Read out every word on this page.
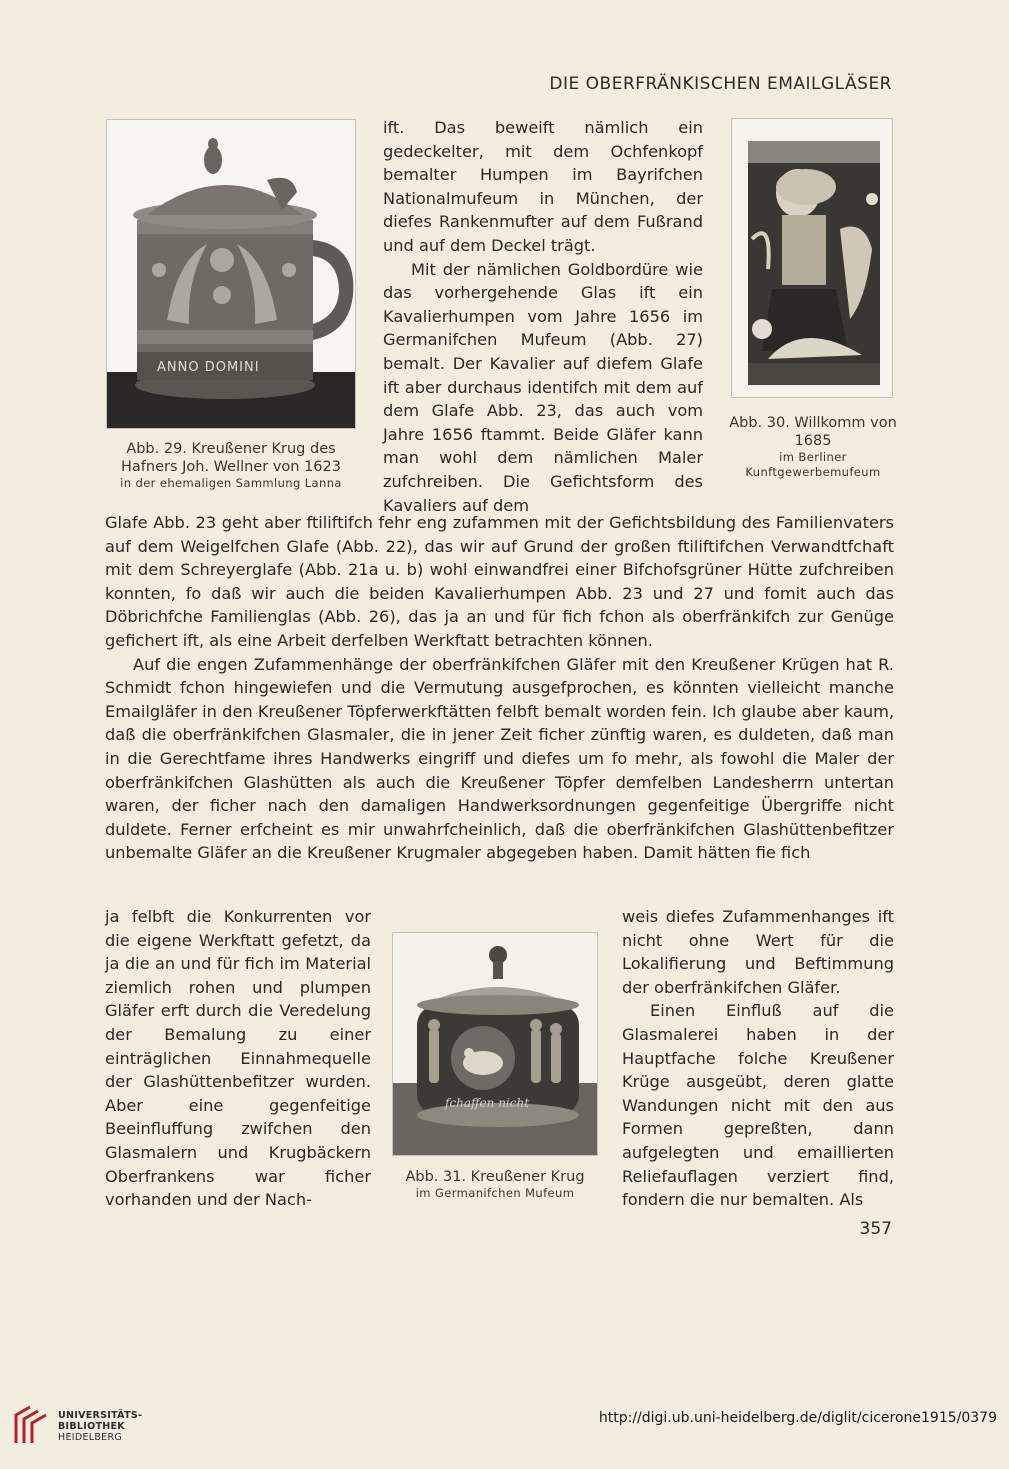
DIE OBERFRÄNKISCHEN EMAILGLÄSER
ANNO DOMINI
Abb. 29. Kreußener Krug des Hafners Joh. Wellner von 1623
in der ehemaligen Sammlung Lanna

ift. Das beweift nämlich ein gedeckelter, mit dem Ochfenkopf bemalter Humpen im Bayrifchen Nationalmufeum in München, der diefes Rankenmufter auf dem Fußrand und auf dem Deckel trägt.

Mit der nämlichen Goldbordüre wie das vorhergehende Glas ift ein Kavalierhumpen vom Jahre 1656 im Germanifchen Mufeum (Abb. 27) bemalt. Der Kavalier auf diefem Glafe ift aber durchaus identifch mit dem auf dem Glafe Abb. 23, das auch vom Jahre 1656 ftammt. Beide Gläfer kann man wohl dem nämlichen Maler zufchreiben. Die Gefichtsform des Kavaliers auf dem

Abb. 30. Willkomm von 1685
im Berliner Kunftgewerbemufeum

Glafe Abb. 23 geht aber ftiliftifch fehr eng zufammen mit der Gefichtsbildung des Familienvaters auf dem Weigelfchen Glafe (Abb. 22), das wir auf Grund der großen ftiliftifchen Verwandtfchaft mit dem Schreyerglafe (Abb. 21a u. b) wohl einwandfrei einer Bifchofsgrüner Hütte zufchreiben konnten, fo daß wir auch die beiden Kavalierhumpen Abb. 23 und 27 und fomit auch das Döbrichfche Familienglas (Abb. 26), das ja an und für fich fchon als oberfränkifch zur Genüge gefichert ift, als eine Arbeit derfelben Werkftatt betrachten können.

Auf die engen Zufammenhänge der oberfränkifchen Gläfer mit den Kreußener Krügen hat R. Schmidt fchon hingewiefen und die Vermutung ausgefprochen, es könnten vielleicht manche Emailgläfer in den Kreußener Töpferwerkftätten felbft bemalt worden fein. Ich glaube aber kaum, daß die oberfränkifchen Glasmaler, die in jener Zeit ficher zünftig waren, es duldeten, daß man in die Gerechtfame ihres Handwerks eingriff und diefes um fo mehr, als fowohl die Maler der oberfränkifchen Glashütten als auch die Kreußener Töpfer demfelben Landesherrn untertan waren, der ficher nach den damaligen Handwerksordnungen gegenfeitige Übergriffe nicht duldete. Ferner erfcheint es mir unwahrfcheinlich, daß die oberfränkifchen Glashüttenbefitzer unbemalte Gläfer an die Kreußener Krugmaler abgegeben haben. Damit hätten fie fich

ja felbft die Konkurrenten vor die eigene Werkftatt gefetzt, da ja die an und für fich im Material ziemlich rohen und plumpen Gläfer erft durch die Veredelung der Bemalung zu einer einträglichen Einnahmequelle der Glashüttenbefitzer wurden. Aber eine gegenfeitige Beeinfluffung zwifchen den Glasmalern und Krugbäckern Oberfrankens war ficher vorhanden und der Nach-

fchaffen nicht
Abb. 31. Kreußener Krug
im Germanifchen Mufeum

weis diefes Zufammenhanges ift nicht ohne Wert für die Lokalifierung und Beftimmung der oberfränkifchen Gläfer.

Einen Einfluß auf die Glasmalerei haben in der Hauptfache folche Kreußener Krüge ausgeübt, deren glatte Wandungen nicht mit den aus Formen gepreßten, dann aufgelegten und emaillierten Reliefauflagen verziert find, fondern die nur bemalten. Als

357
UNIVERSITÄTS-
BIBLIOTHEK
HEIDELBERG
http://digi.ub.uni-heidelberg.de/diglit/cicerone1915/0379
